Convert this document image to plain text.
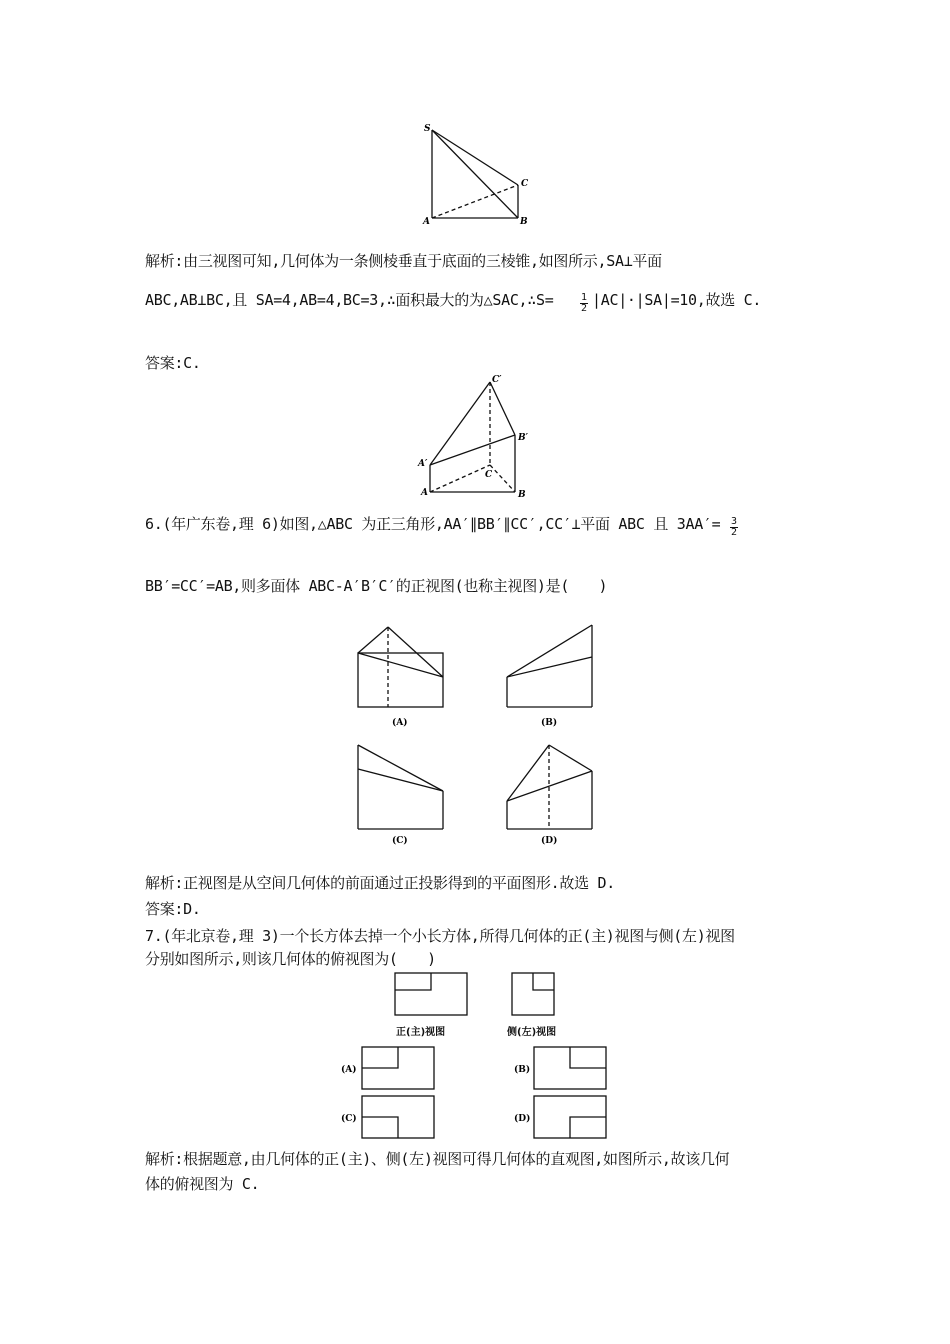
S
A	B
C
解析:由三视图可知,几何体为一条侧棱垂直于底面的三棱锥,如图所示,SA⊥平面
ABC,AB⊥BC,且 SA=4,AB=4,BC=3,∴面积最大的为△SAC,∴S=	$\frac{1}{2} |AC|\cdot|SA|=10$,故选 C.
答案:C.
C′
B′
A′
C
A	B
6.(年广东卷,理 6)如图,△ABC 为正三角形,AA′∥BB′∥CC′,CC′⊥平面 ABC 且 $3AA'= \frac{3}{2}$
BB′=CC′=AB,则多面体 ABC-A′B′C′的正视图(也称主视图)是(　　)
(A)	(B)
(C)	(D)
解析:正视图是从空间几何体的前面通过正投影得到的平面图形.故选 D.
答案:D.
7.(年北京卷,理 3)一个长方体去掉一个小长方体,所得几何体的正(主)视图与侧(左)视图
分别如图所示,则该几何体的俯视图为(　　)
(A)	(B)
(C)	(D)
正(主)视图	侧(左)视图
解析:根据题意,由几何体的正(主)、侧(左)视图可得几何体的直观图,如图所示,故该几何
体的俯视图为 C.
